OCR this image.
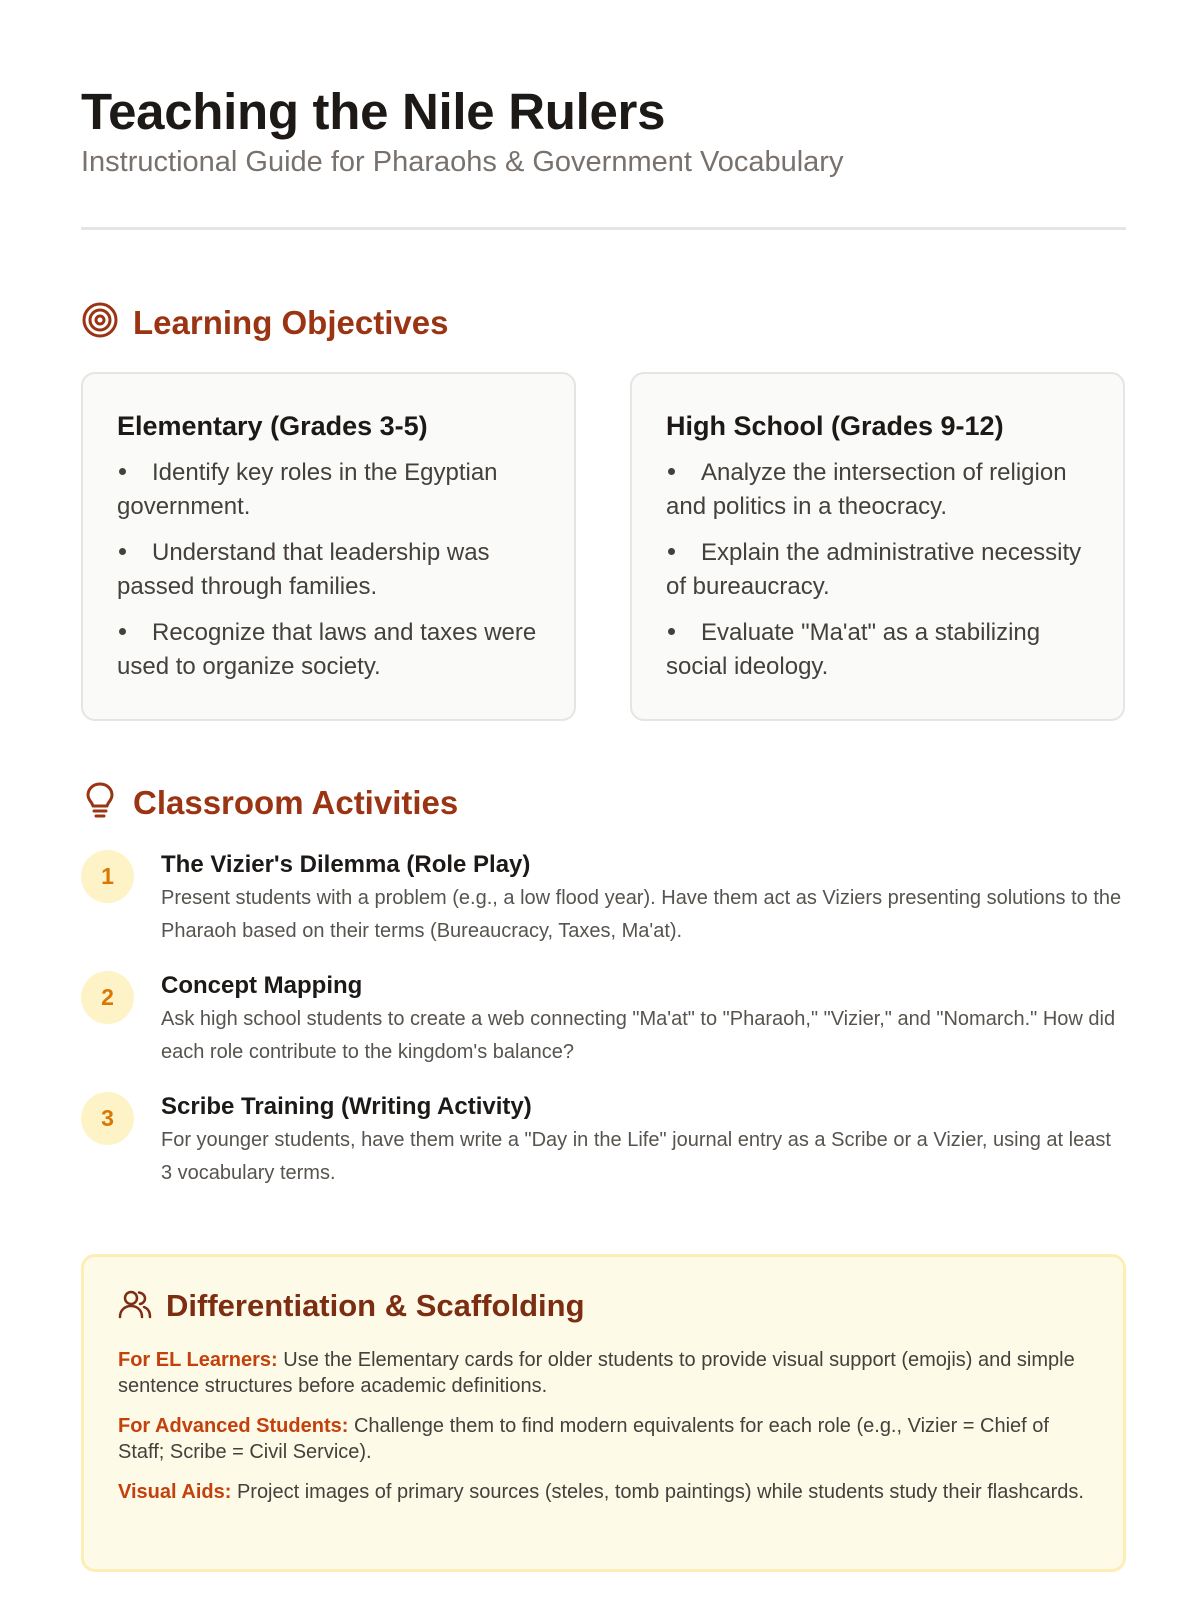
Teaching the Nile Rulers
Instructional Guide for Pharaohs & Government Vocabulary
Learning Objectives
Elementary (Grades 3-5)
Identify key roles in the Egyptian government.
Understand that leadership was passed through families.
Recognize that laws and taxes were used to organize society.
High School (Grades 9-12)
Analyze the intersection of religion and politics in a theocracy.
Explain the administrative necessity of bureaucracy.
Evaluate "Ma'at" as a stabilizing social ideology.
Classroom Activities
1	The Vizier's Dilemma (Role Play)
Present students with a problem (e.g., a low flood year). Have them act as Viziers presenting solutions to the Pharaoh based on their terms (Bureaucracy, Taxes, Ma'at).
2	Concept Mapping
Ask high school students to create a web connecting "Ma'at" to "Pharaoh," "Vizier," and "Nomarch." How did each role contribute to the kingdom's balance?
3	Scribe Training (Writing Activity)
For younger students, have them write a "Day in the Life" journal entry as a Scribe or a Vizier, using at least 3 vocabulary terms.
Differentiation & Scaffolding

For EL Learners: Use the Elementary cards for older students to provide visual support (emojis) and simple sentence structures before academic definitions.

For Advanced Students: Challenge them to find modern equivalents for each role (e.g., Vizier = Chief of Staff; Scribe = Civil Service).

Visual Aids: Project images of primary sources (steles, tomb paintings) while students study their flashcards.
